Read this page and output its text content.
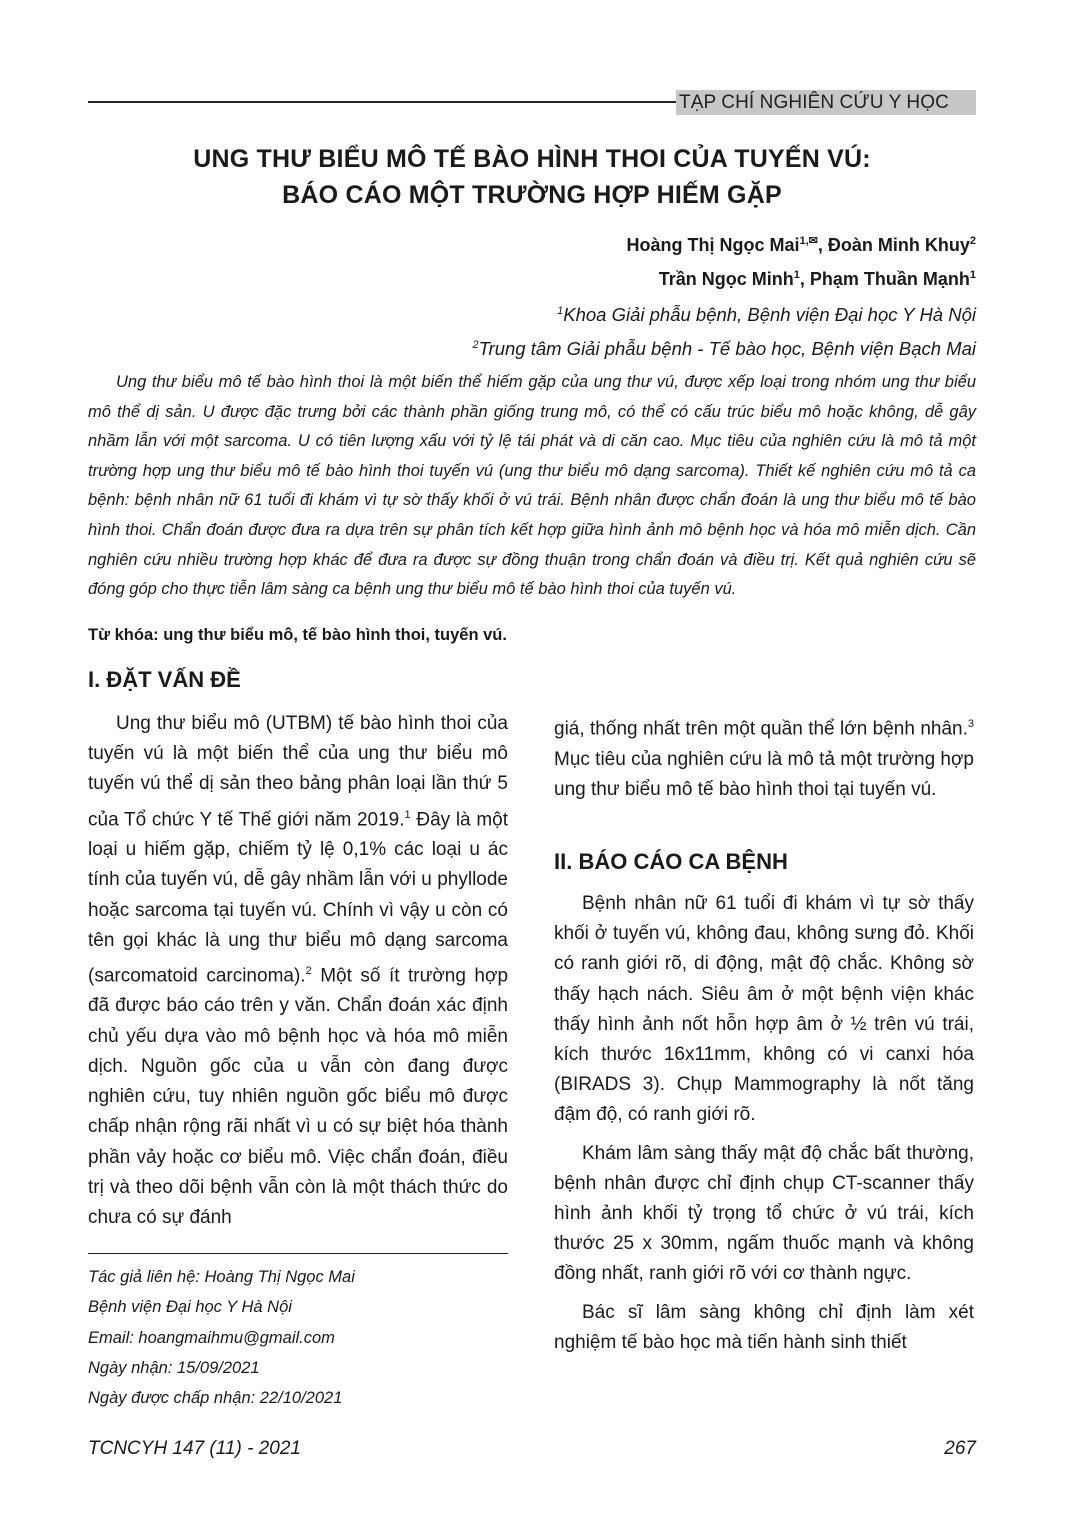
TẠP CHÍ NGHIÊN CỨU Y HỌC
UNG THƯ BIỂU MÔ TẾ BÀO HÌNH THOI CỦA TUYẾN VÚ:
BÁO CÁO MỘT TRƯỜNG HỢP HIẾM GẶP
Hoàng Thị Ngọc Mai$^{1,✉}$, Đoàn Minh Khuy$^2$
Trần Ngọc Minh$^1$, Phạm Thuần Mạnh$^1$
$^1$Khoa Giải phẫu bệnh, Bệnh viện Đại học Y Hà Nội
$^2$Trung tâm Giải phẫu bệnh - Tế bào học, Bệnh viện Bạch Mai
Ung thư biểu mô tế bào hình thoi là một biến thể hiếm gặp của ung thư vú, được xếp loại trong nhóm ung thư biểu mô thể dị sản. U được đặc trưng bởi các thành phần giống trung mô, có thể có cấu trúc biểu mô hoặc không, dễ gây nhầm lẫn với một sarcoma. U có tiên lượng xấu với tỷ lệ tái phát và di căn cao. Mục tiêu của nghiên cứu là mô tả một trường hợp ung thư biểu mô tế bào hình thoi tuyến vú (ung thư biểu mô dạng sarcoma). Thiết kế nghiên cứu mô tả ca bệnh: bệnh nhân nữ 61 tuổi đi khám vì tự sờ thấy khối ở vú trái. Bệnh nhân được chẩn đoán là ung thư biểu mô tế bào hình thoi. Chẩn đoán được đưa ra dựa trên sự phân tích kết hợp giữa hình ảnh mô bệnh học và hóa mô miễn dịch. Cần nghiên cứu nhiều trường hợp khác để đưa ra được sự đồng thuận trong chẩn đoán và điều trị. Kết quả nghiên cứu sẽ đóng góp cho thực tiễn lâm sàng ca bệnh ung thư biểu mô tế bào hình thoi của tuyến vú.
Từ khóa: ung thư biểu mô, tế bào hình thoi, tuyến vú.
I. ĐẶT VẤN ĐỀ

Ung thư biểu mô (UTBM) tế bào hình thoi của tuyến vú là một biến thể của ung thư biểu mô tuyến vú thể dị sản theo bảng phân loại lần thứ 5 của Tổ chức Y tế Thế giới năm 2019.$^1$ Đây là một loại u hiếm gặp, chiếm tỷ lệ 0,1% các loại u ác tính của tuyến vú, dễ gây nhầm lẫn với u phyllode hoặc sarcoma tại tuyến vú. Chính vì vậy u còn có tên gọi khác là ung thư biểu mô dạng sarcoma (sarcomatoid carcinoma).$^2$ Một số ít trường hợp đã được báo cáo trên y văn. Chẩn đoán xác định chủ yếu dựa vào mô bệnh học và hóa mô miễn dịch. Nguồn gốc của u vẫn còn đang được nghiên cứu, tuy nhiên nguồn gốc biểu mô được chấp nhận rộng rãi nhất vì u có sự biệt hóa thành phần vảy hoặc cơ biểu mô. Việc chẩn đoán, điều trị và theo dõi bệnh vẫn còn là một thách thức do chưa có sự đánh

giá, thống nhất trên một quần thể lớn bệnh nhân.$^3$ Mục tiêu của nghiên cứu là mô tả một trường hợp ung thư biểu mô tế bào hình thoi tại tuyến vú.

II. BÁO CÁO CA BỆNH

Bệnh nhân nữ 61 tuổi đi khám vì tự sờ thấy khối ở tuyến vú, không đau, không sưng đỏ. Khối có ranh giới rõ, di động, mật độ chắc. Không sờ thấy hạch nách. Siêu âm ở một bệnh viện khác thấy hình ảnh nốt hỗn hợp âm ở ½ trên vú trái, kích thước 16x11mm, không có vi canxi hóa (BIRADS 3). Chụp Mammography là nốt tăng đậm độ, có ranh giới rõ.

Khám lâm sàng thấy mật độ chắc bất thường, bệnh nhân được chỉ định chụp CT-scanner thấy hình ảnh khối tỷ trọng tổ chức ở vú trái, kích thước 25 x 30mm, ngấm thuốc mạnh và không đồng nhất, ranh giới rõ với cơ thành ngực.

Bác sĩ lâm sàng không chỉ định làm xét nghiệm tế bào học mà tiến hành sinh thiết

Tác giả liên hệ: Hoàng Thị Ngọc Mai
Bệnh viện Đại học Y Hà Nội
Email: hoangmaihmu@gmail.com
Ngày nhận: 15/09/2021
Ngày được chấp nhận: 22/10/2021
TCNCYH 147 (11) - 2021	267
